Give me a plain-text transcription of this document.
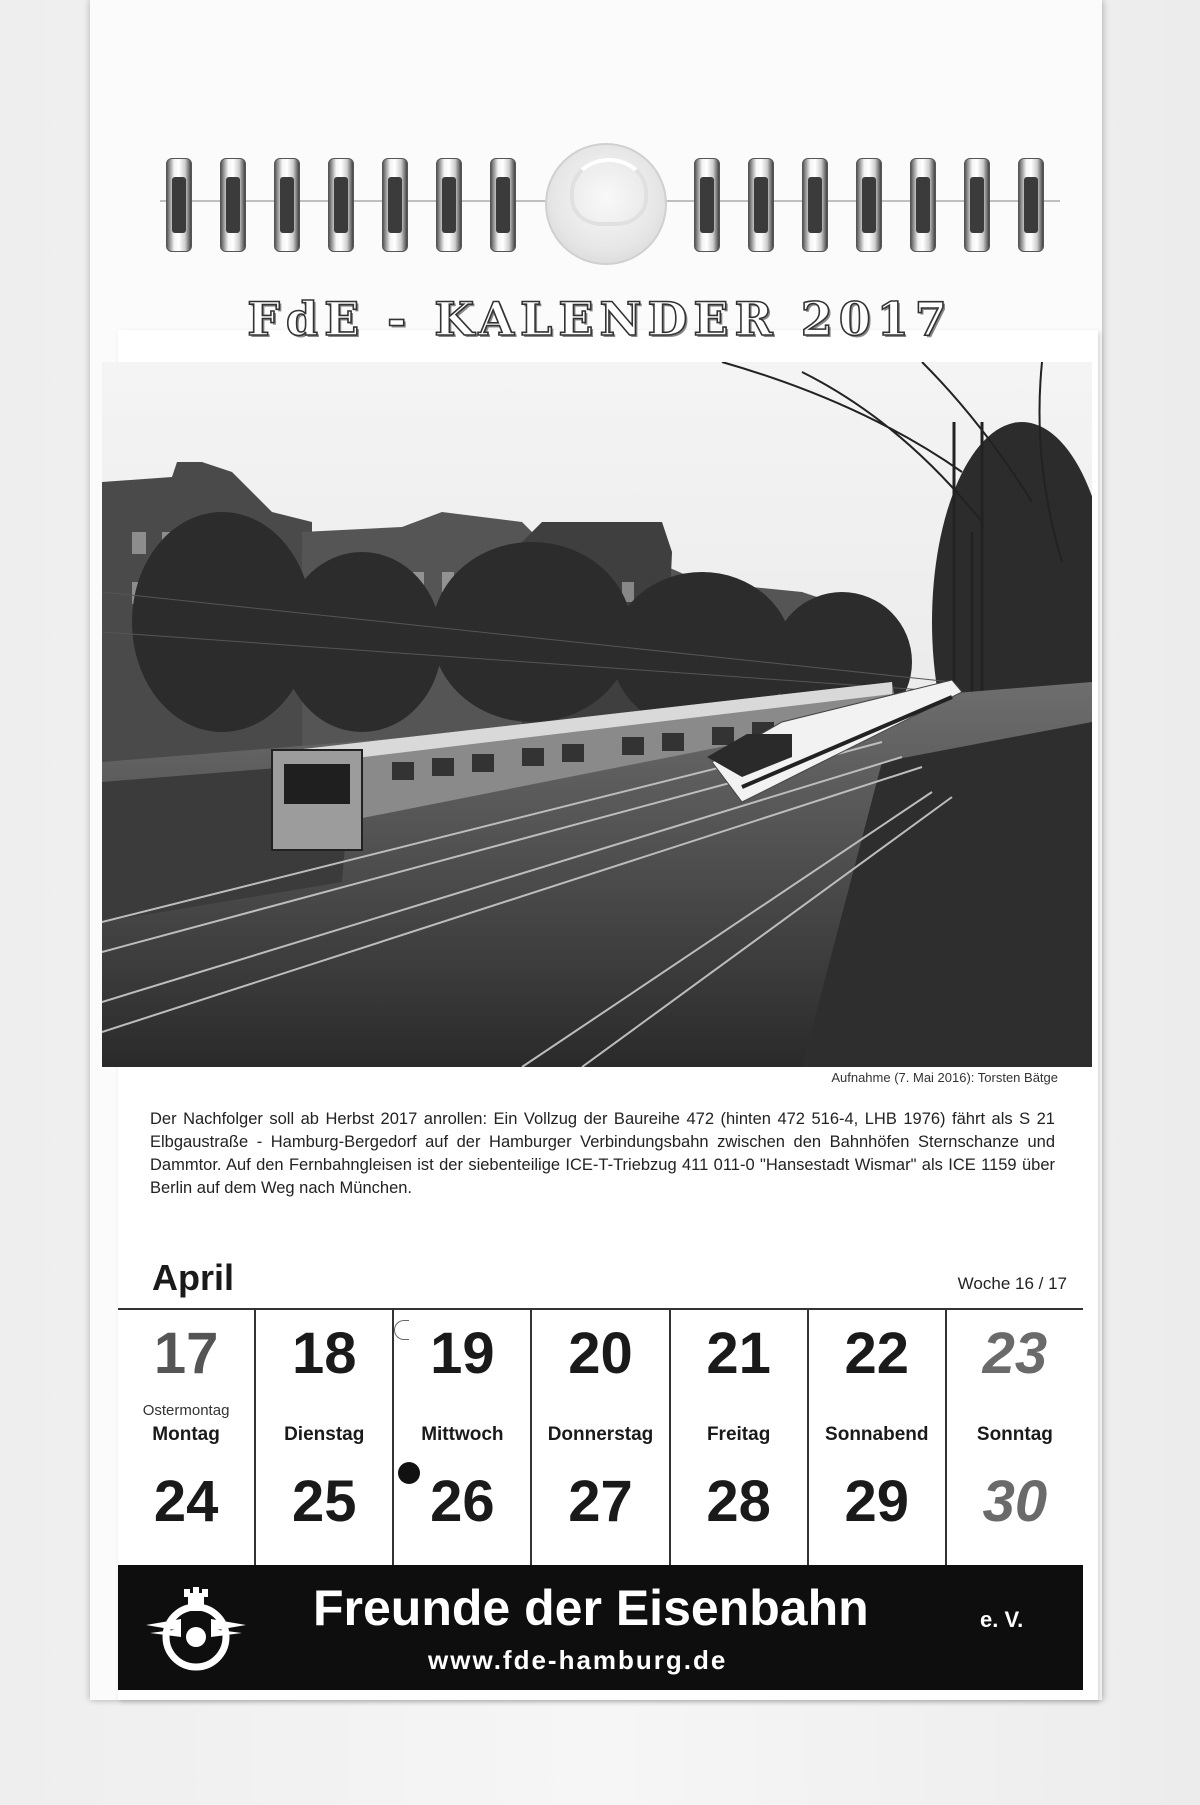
FdE - KALENDER 2017
Aufnahme (7. Mai 2016): Torsten Bätge
Der Nachfolger soll ab Herbst 2017 anrollen: Ein Vollzug der Baureihe 472 (hinten 472 516-4, LHB 1976) fährt als S 21 Elbgaustraße - Hamburg-Bergedorf auf der Hamburger Verbindungsbahn zwischen den Bahnhöfen Sternschanze und Dammtor. Auf den Fernbahngleisen ist der siebenteilige ICE-T-Triebzug 411 011-0 "Hansestadt Wismar" als ICE 1159 über Berlin auf dem Weg nach München.
April	Woche 16 / 17
17
Ostermontag
Montag
24
18
Dienstag
25
19
Mittwoch
26
20
Donnerstag
27
21
Freitag
28
22
Sonnabend
29
23
Sonntag
30
Freunde der Eisenbahn	e. V.
www.fde-hamburg.de
